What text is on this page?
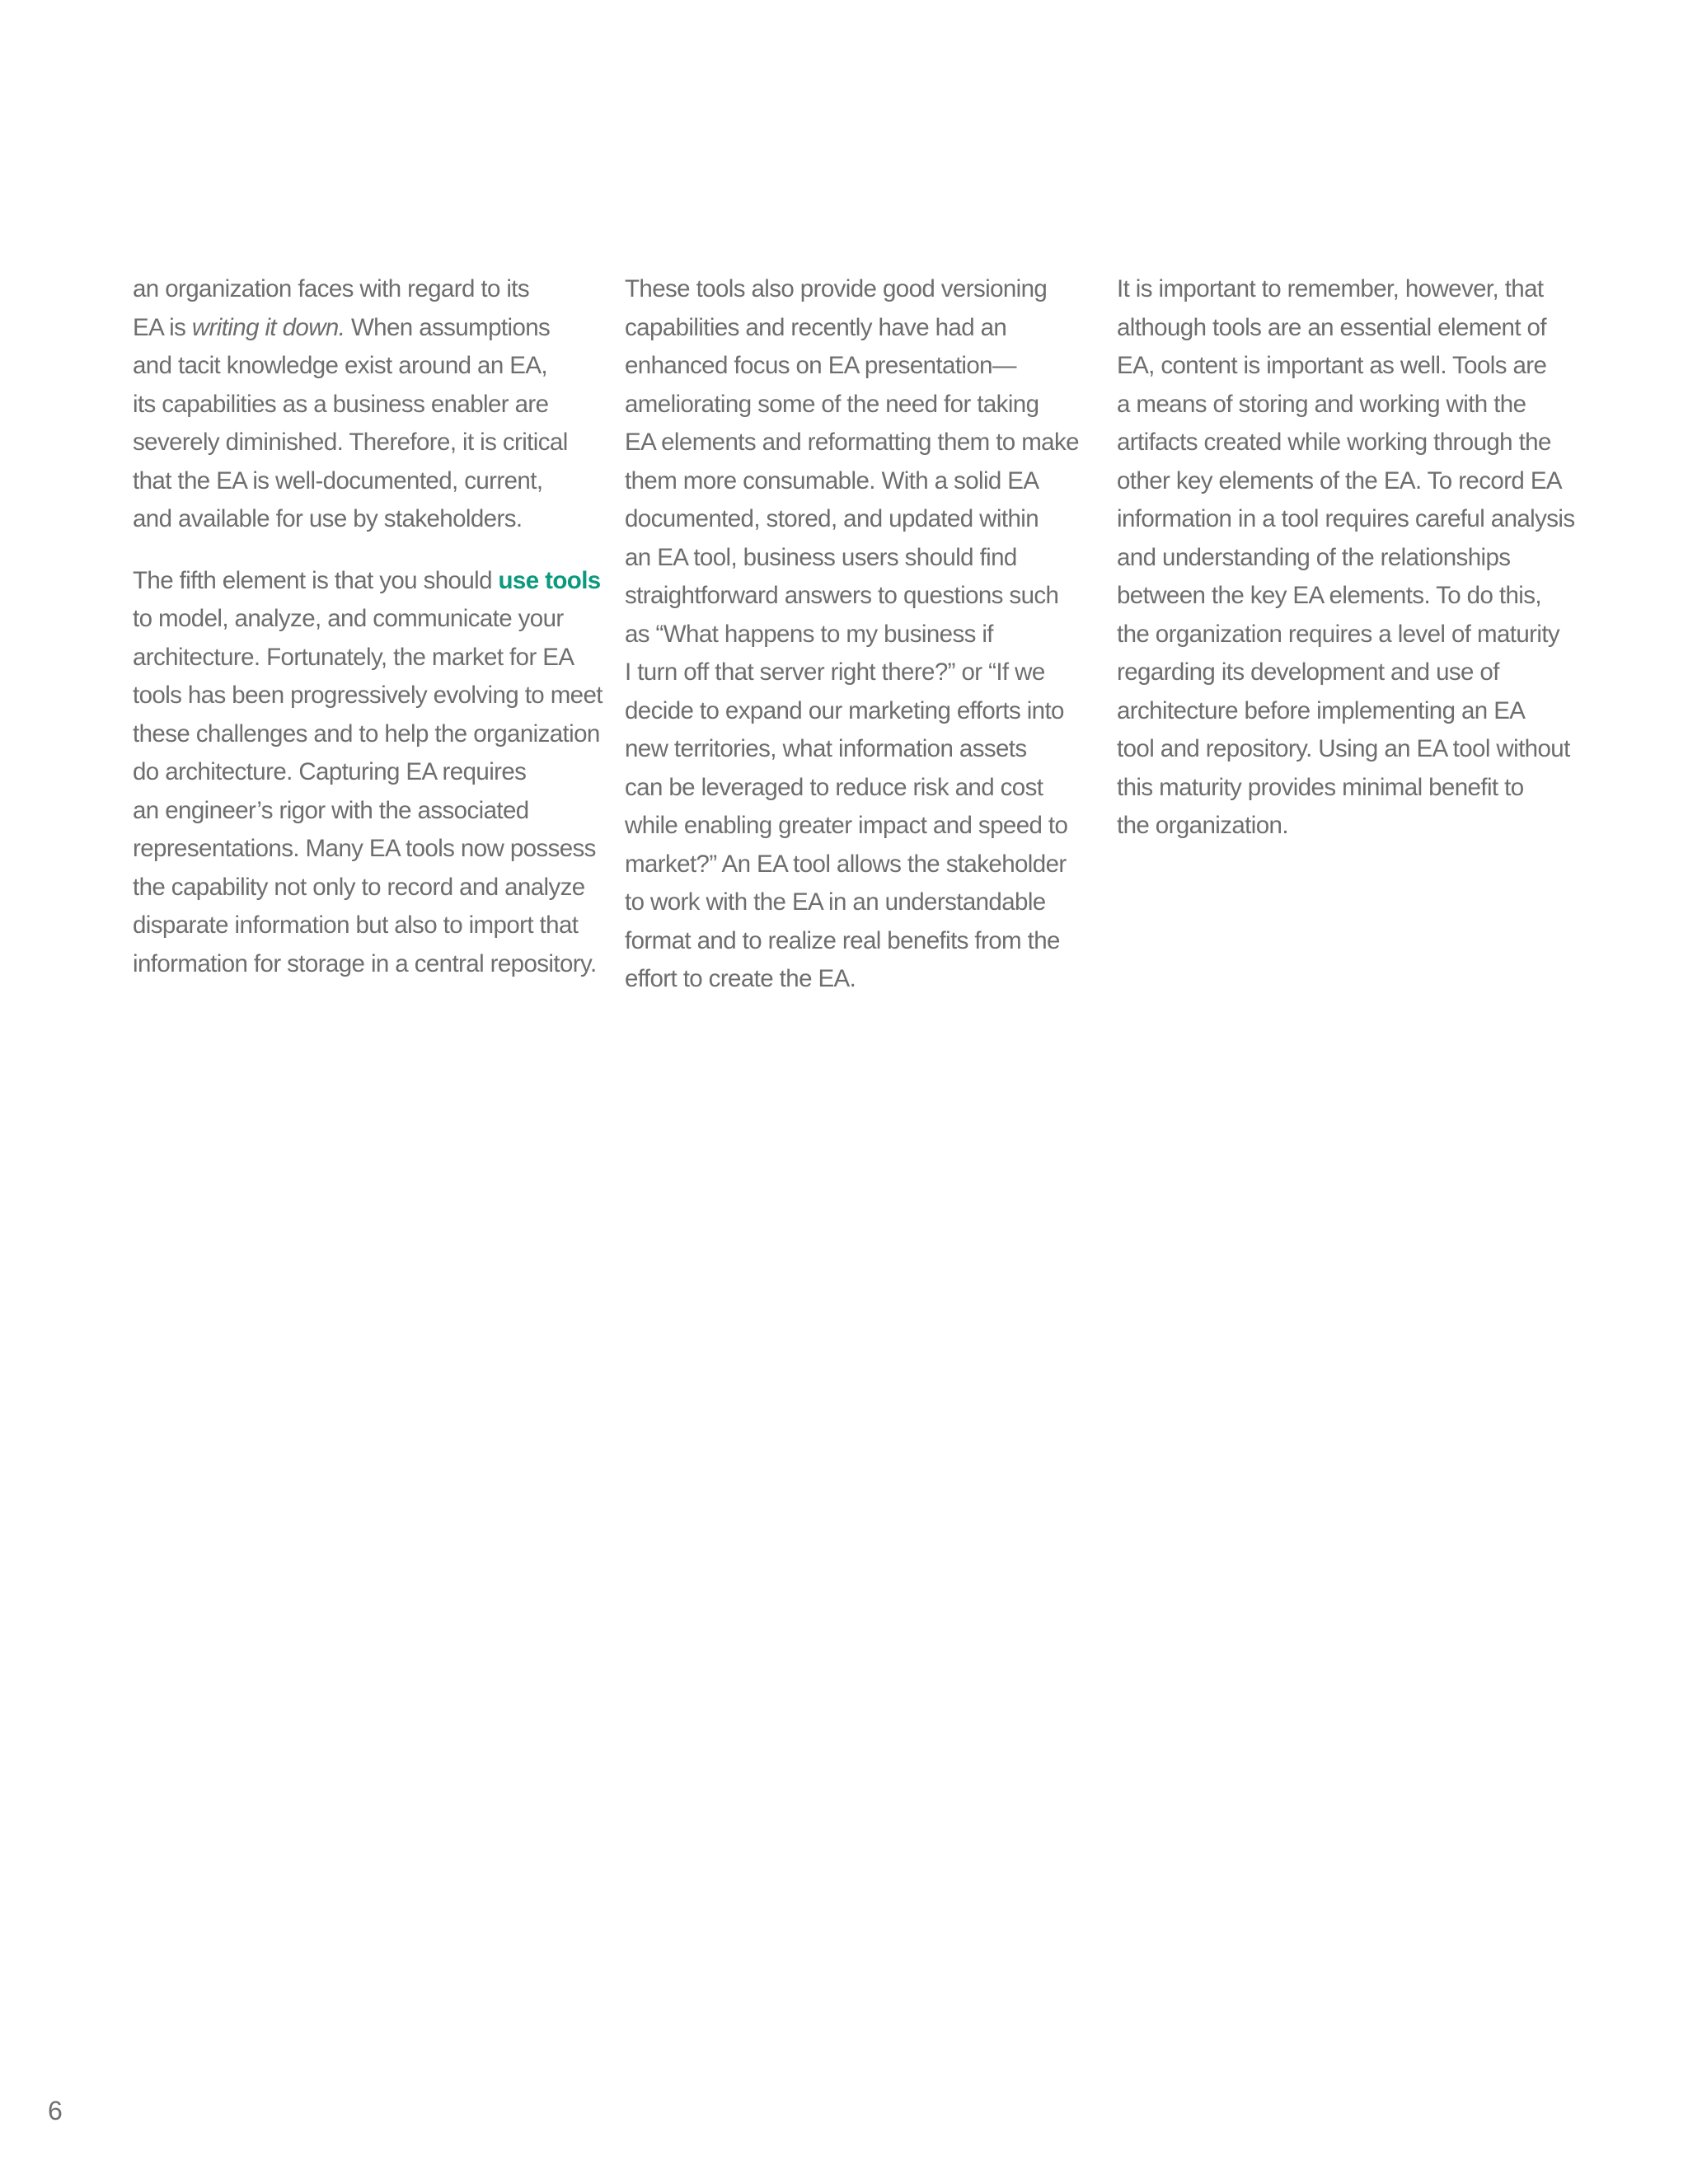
an organization faces with regard to its
EA is writing it down. When assumptions
and tacit knowledge exist around an EA,
its capabilities as a business enabler are
severely diminished. Therefore, it is critical
that the EA is well-documented, current,
and available for use by stakeholders.

The fifth element is that you should use tools
to model, analyze, and communicate your
architecture. Fortunately, the market for EA
tools has been progressively evolving to meet
these challenges and to help the organization
do architecture. Capturing EA requires
an engineer’s rigor with the associated
representations. Many EA tools now possess
the capability not only to record and analyze
disparate information but also to import that
information for storage in a central repository.

These tools also provide good versioning
capabilities and recently have had an
enhanced focus on EA presentation—
ameliorating some of the need for taking
EA elements and reformatting them to make
them more consumable. With a solid EA
documented, stored, and updated within
an EA tool, business users should find
straightforward answers to questions such
as “What happens to my business if
I turn off that server right there?” or “If we
decide to expand our marketing efforts into
new territories, what information assets
can be leveraged to reduce risk and cost
while enabling greater impact and speed to
market?” An EA tool allows the stakeholder
to work with the EA in an understandable
format and to realize real benefits from the
effort to create the EA.

It is important to remember, however, that
although tools are an essential element of
EA, content is important as well. Tools are
a means of storing and working with the
artifacts created while working through the
other key elements of the EA. To record EA
information in a tool requires careful analysis
and understanding of the relationships
between the key EA elements. To do this,
the organization requires a level of maturity
regarding its development and use of
architecture before implementing an EA
tool and repository. Using an EA tool without
this maturity provides minimal benefit to
the organization.

6
